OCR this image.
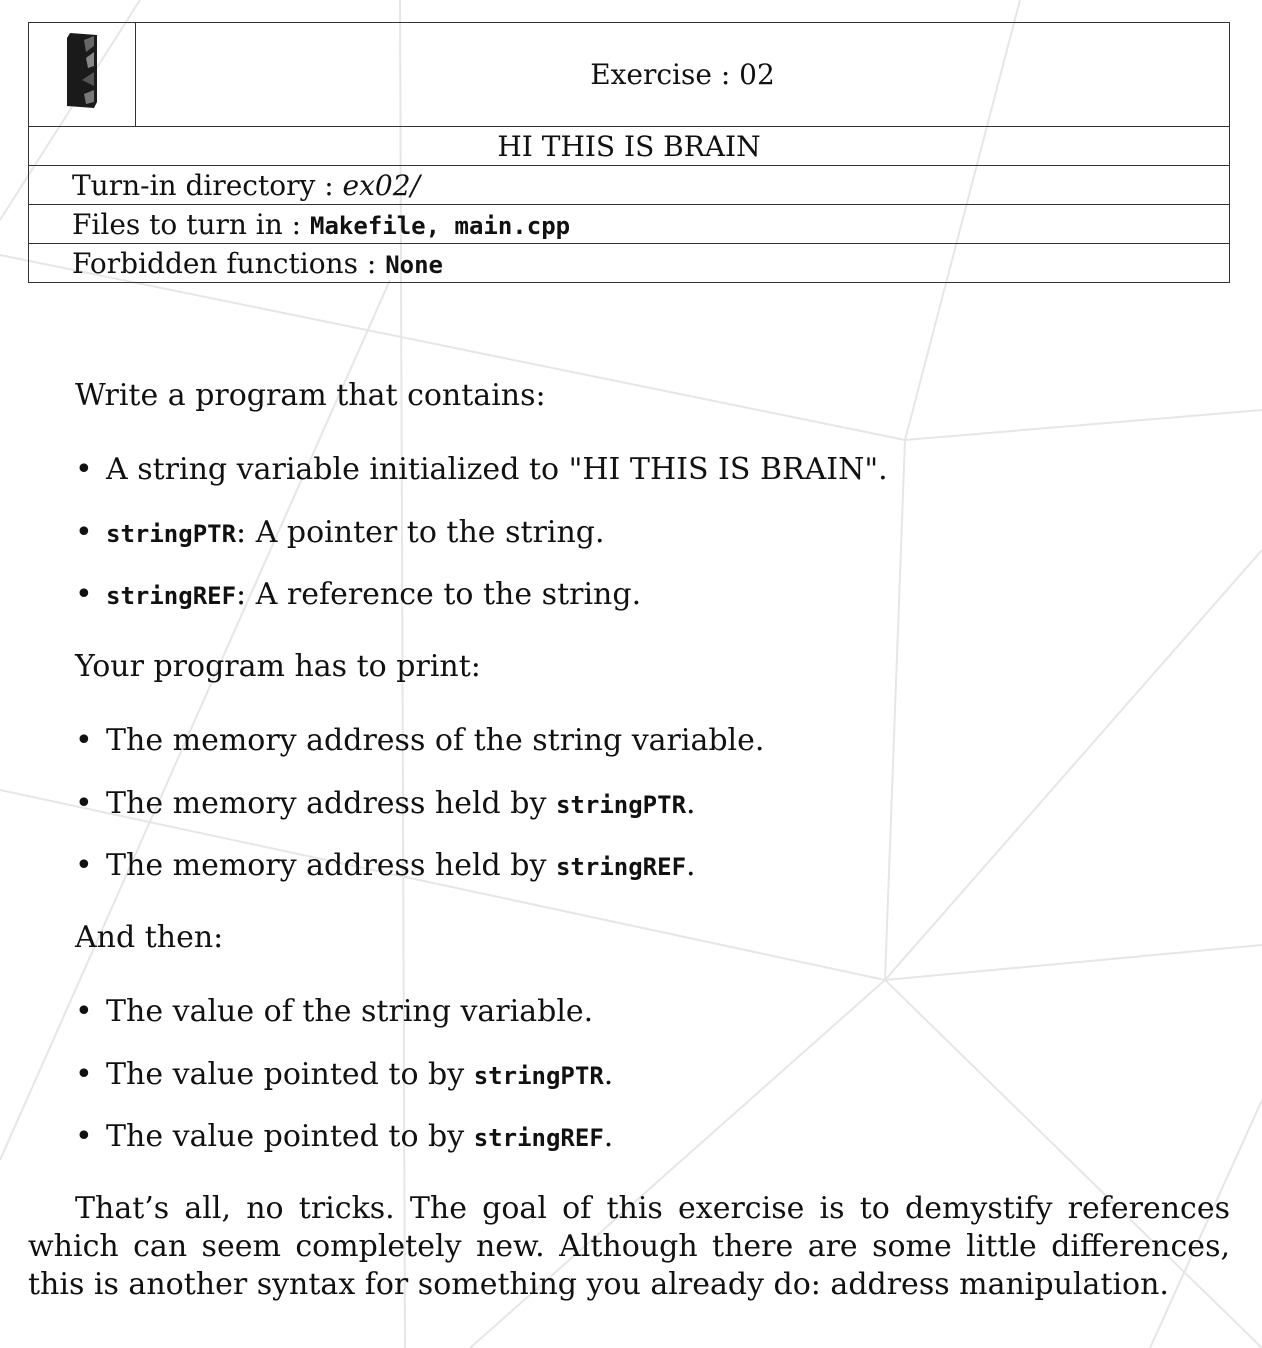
	Exercise : 02
HI THIS IS BRAIN
Turn-in directory : ex02/
Files to turn in : Makefile, main.cpp
Forbidden functions : None

Write a program that contains:

• A string variable initialized to "HI THIS IS BRAIN".
• stringPTR: A pointer to the string.
• stringREF: A reference to the string.

Your program has to print:

• The memory address of the string variable.
• The memory address held by stringPTR.
• The memory address held by stringREF.

And then:

• The value of the string variable.
• The value pointed to by stringPTR.
• The value pointed to by stringREF.

That’s all, no tricks. The goal of this exercise is to demystify references which can seem completely new. Although there are some little differences, this is another syntax for something you already do: address manipulation.
